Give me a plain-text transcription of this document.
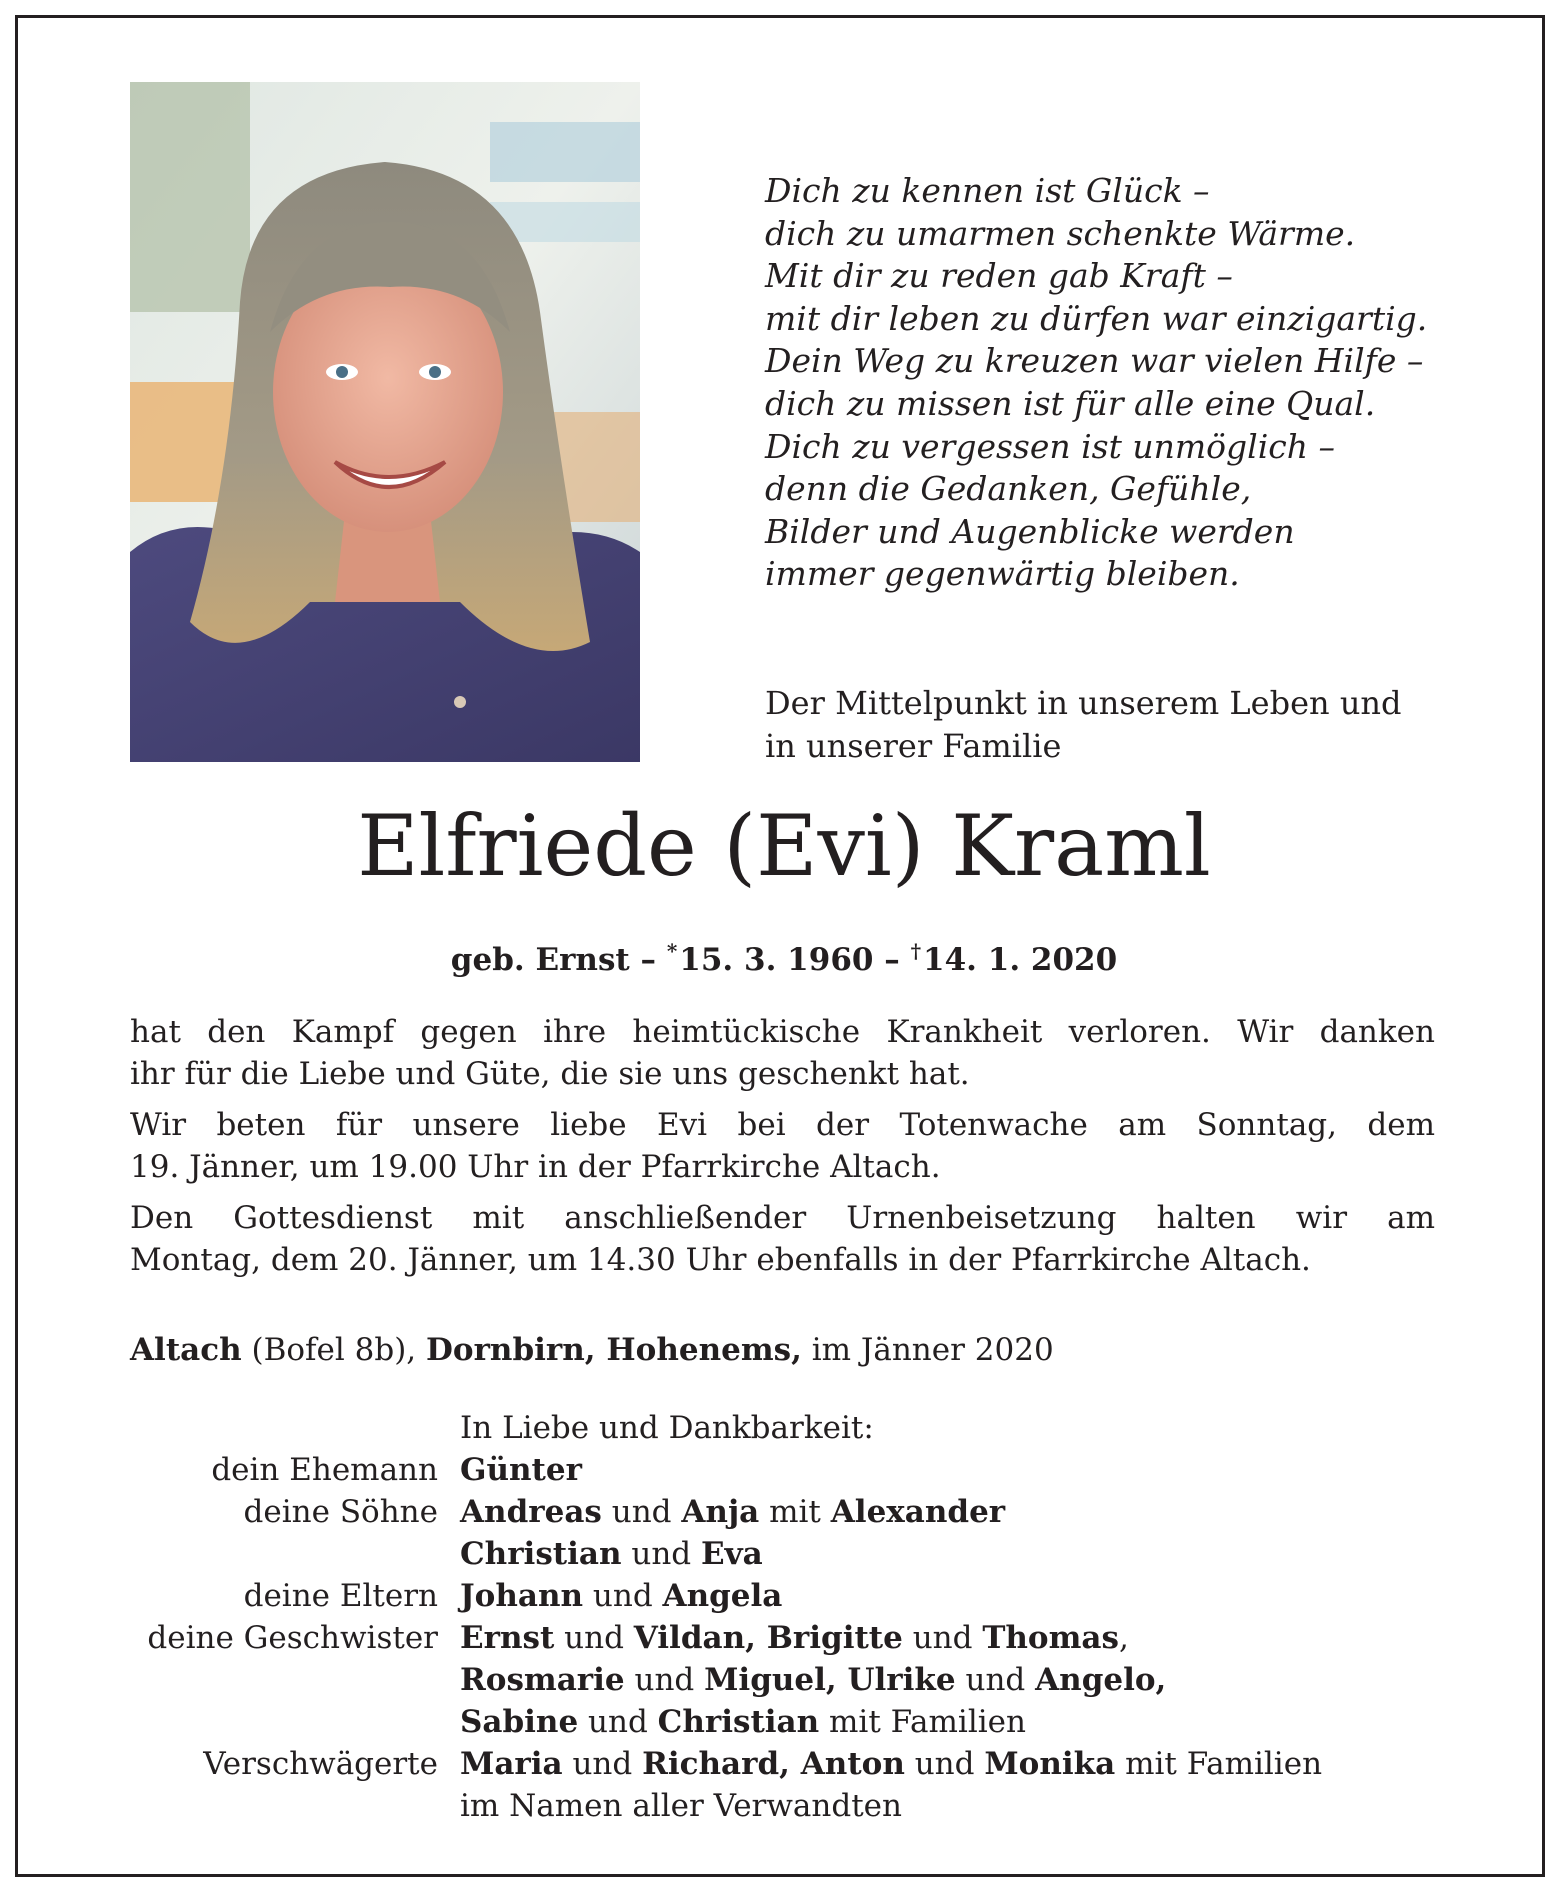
Dich zu kennen ist Glück –
dich zu umarmen schenkte Wärme.
Mit dir zu reden gab Kraft –
mit dir leben zu dürfen war einzigartig.
Dein Weg zu kreuzen war vielen Hilfe –
dich zu missen ist für alle eine Qual.
Dich zu vergessen ist unmöglich –
denn die Gedanken, Gefühle,
Bilder und Augenblicke werden
immer gegenwärtig bleiben.
Der Mittelpunkt in unserem Leben und
in unserer Familie
Elfriede (Evi) Kraml
geb. Ernst – *15. 3. 1960 – †14. 1. 2020

hat den Kampf gegen ihre heimtückische Krankheit verloren. Wir danken
ihr für die Liebe und Güte, die sie uns geschenkt hat.

Wir beten für unsere liebe Evi bei der Totenwache am Sonntag, dem
19. Jänner, um 19.00 Uhr in der Pfarrkirche Altach.

Den Gottesdienst mit anschließender Urnenbeisetzung halten wir am
Montag, dem 20. Jänner, um 14.30 Uhr ebenfalls in der Pfarrkirche Altach.

Altach (Bofel 8b), Dornbirn, Hohenems, im Jänner 2020
In Liebe und Dankbarkeit:
dein Ehemann Günter
deine Söhne Andreas und Anja mit Alexander
Christian und Eva
deine Eltern Johann und Angela
deine Geschwister Ernst und Vildan, Brigitte und Thomas,
Rosmarie und Miguel, Ulrike und Angelo,
Sabine und Christian mit Familien
Verschwägerte Maria und Richard, Anton und Monika mit Familien
im Namen aller Verwandten
